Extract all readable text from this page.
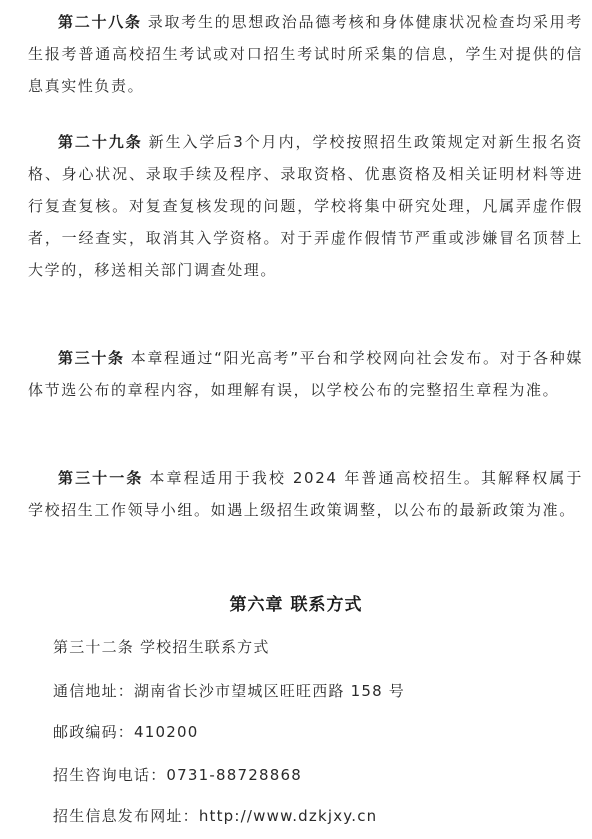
第二十八条 录取考生的思想政治品德考核和身体健康状况检查均采用考生报考普通高校招生考试或对口招生考试时所采集的信息，学生对提供的信息真实性负责。

第二十九条 新生入学后3个月内，学校按照招生政策规定对新生报名资格、身心状况、录取手续及程序、录取资格、优惠资格及相关证明材料等进行复查复核。对复查复核发现的问题，学校将集中研究处理，凡属弄虚作假者，一经查实，取消其入学资格。对于弄虚作假情节严重或涉嫌冒名顶替上大学的，移送相关部门调查处理。

第三十条 本章程通过“阳光高考”平台和学校网向社会发布。对于各种媒体节选公布的章程内容，如理解有误，以学校公布的完整招生章程为准。

第三十一条 本章程适用于我校 2024 年普通高校招生。其解释权属于学校招生工作领导小组。如遇上级招生政策调整，以公布的最新政策为准。

第六章 联系方式
第三十二条 学校招生联系方式
通信地址：湖南省长沙市望城区旺旺西路 158 号
邮政编码：410200
招生咨询电话：0731-88728868
招生信息发布网址：http://www.dzkjxy.cn
